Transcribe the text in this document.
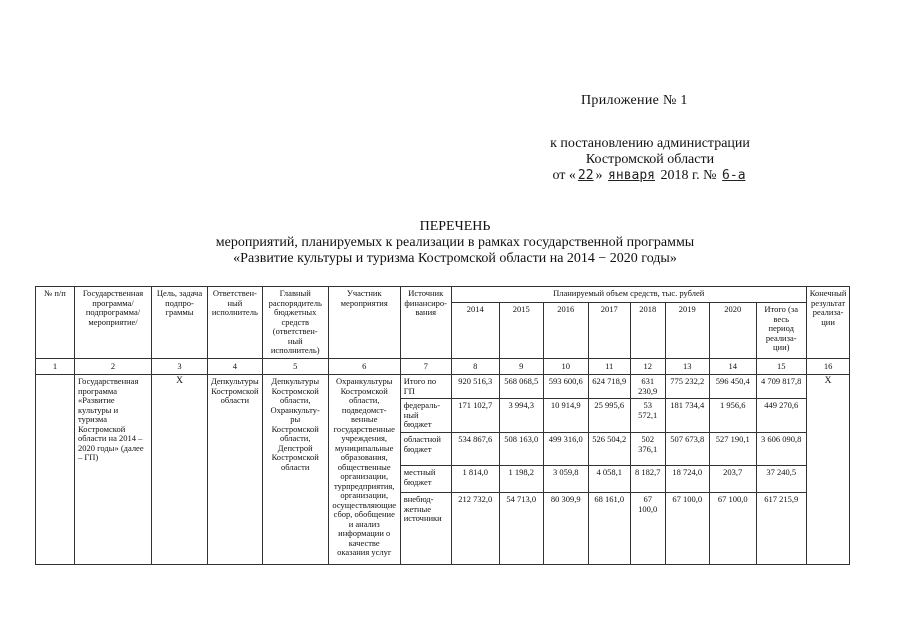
Приложение № 1
к постановлению администрации
Костромской области
от « 22 » января 2018 г. № 6-а
ПЕРЕЧЕНЬ
мероприятий, планируемых к реализации в рамках государственной программы
«Развитие культуры и туризма Костромской области на 2014 − 2020 годы»
№ п/п	Государственная программа/ подпрограмма/ мероприятие/	Цель, задача подпро-граммы	Ответствен-ный исполнитель	Главный распорядитель бюджетных средств (ответствен-ный исполнитель)	Участник мероприятия	Источник финансиро-вания	Планируемый объем средств, тыс. рублей								Конечный результат реализа-ции
							2014	2015	2016	2017	2018	2019	2020	Итого (за весь период реализа-ции)	
1	2	3	4	5	6	7	8	9	10	11	12	13	14	15	16
	Государственная программа «Развитие культуры и туризма Костромской области на 2014 – 2020 годы» (далее – ГП)	Х	Депкультуры Костромской области	Депкультуры Костромской области, Охранкульту-ры Костромской области, Депстрой Костромской области	Охранкультуры Костромской области, подведомст-венные государственные учреждения, муниципальные образования, общественные организации, турпредприятия, организации, осуществляющие сбор, обобщение и анализ информации о качестве оказания услуг	Итого по ГП	920 516,3	568 068,5	593 600,6	624 718,9	631 230,9	775 232,2	596 450,4	4 709 817,8	Х
						федераль-ный бюджет	171 102,7	3 994,3	10 914,9	25 995,6	53 572,1	181 734,4	1 956,6	449 270,6	
						областной бюджет	534 867,6	508 163,0	499 316,0	526 504,2	502 376,1	507 673,8	527 190,1	3 606 090,8	
						местный бюджет	1 814,0	1 198,2	3 059,8	4 058,1	8 182,7	18 724,0	203,7	37 240,5	
						внебюд-жетные источники	212 732,0	54 713,0	80 309,9	68 161,0	67 100,0	67 100,0	67 100,0	617 215,9	
